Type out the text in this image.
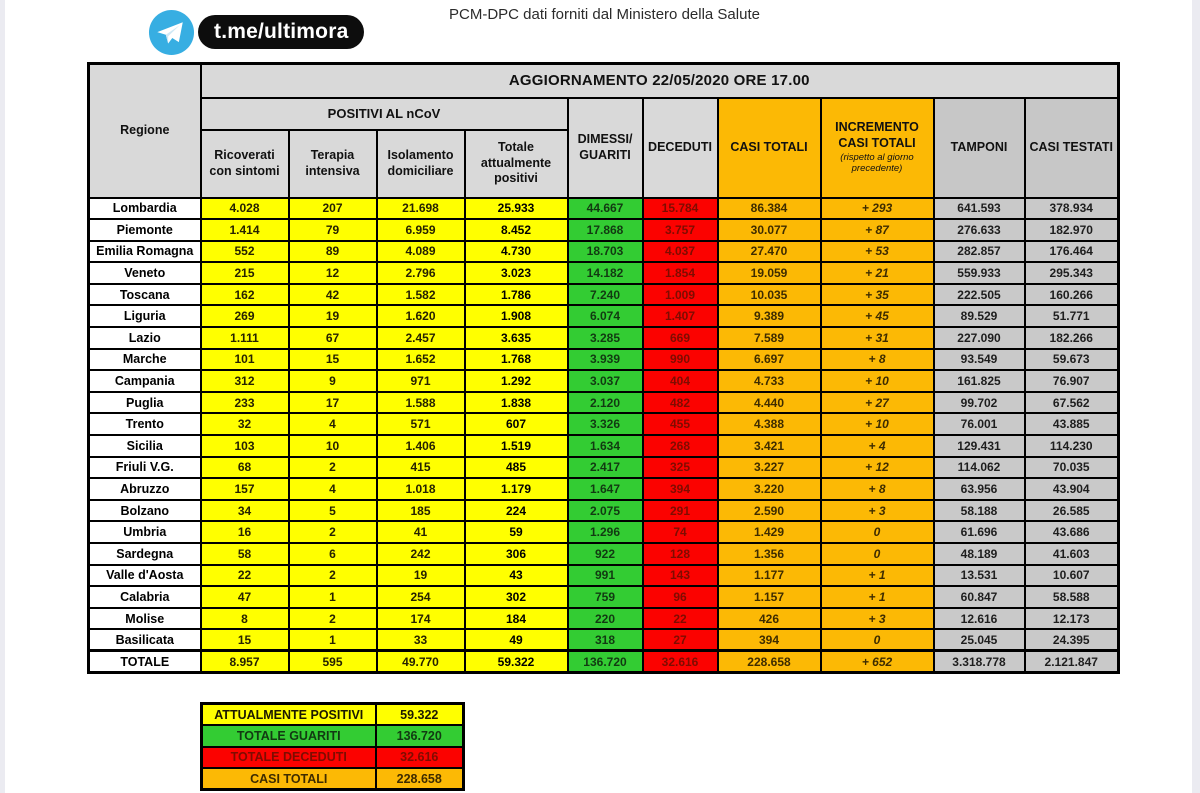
t.me/ultimora
PCM-DPC dati forniti dal Ministero della Salute
Regione	AGGIORNAMENTO 22/05/2020 ORE 17.00									
	POSITIVI AL nCoV				DIMESSI/ GUARITI	DECEDUTI	CASI TOTALI	INCREMENTO CASI TOTALI
(rispetto al giorno precedente)	TAMPONI	CASI TESTATI
	Ricoverati con sintomi	Terapia intensiva	Isolamento domiciliare	Totale attualmente positivi						
Lombardia	4.028	207	21.698	25.933	44.667	15.784	86.384	+ 293	641.593	378.934
Piemonte	1.414	79	6.959	8.452	17.868	3.757	30.077	+ 87	276.633	182.970
Emilia Romagna	552	89	4.089	4.730	18.703	4.037	27.470	+ 53	282.857	176.464
Veneto	215	12	2.796	3.023	14.182	1.854	19.059	+ 21	559.933	295.343
Toscana	162	42	1.582	1.786	7.240	1.009	10.035	+ 35	222.505	160.266
Liguria	269	19	1.620	1.908	6.074	1.407	9.389	+ 45	89.529	51.771
Lazio	1.111	67	2.457	3.635	3.285	669	7.589	+ 31	227.090	182.266
Marche	101	15	1.652	1.768	3.939	990	6.697	+ 8	93.549	59.673
Campania	312	9	971	1.292	3.037	404	4.733	+ 10	161.825	76.907
Puglia	233	17	1.588	1.838	2.120	482	4.440	+ 27	99.702	67.562
Trento	32	4	571	607	3.326	455	4.388	+ 10	76.001	43.885
Sicilia	103	10	1.406	1.519	1.634	268	3.421	+ 4	129.431	114.230
Friuli V.G.	68	2	415	485	2.417	325	3.227	+ 12	114.062	70.035
Abruzzo	157	4	1.018	1.179	1.647	394	3.220	+ 8	63.956	43.904
Bolzano	34	5	185	224	2.075	291	2.590	+ 3	58.188	26.585
Umbria	16	2	41	59	1.296	74	1.429	0	61.696	43.686
Sardegna	58	6	242	306	922	128	1.356	0	48.189	41.603
Valle d'Aosta	22	2	19	43	991	143	1.177	+ 1	13.531	10.607
Calabria	47	1	254	302	759	96	1.157	+ 1	60.847	58.588
Molise	8	2	174	184	220	22	426	+ 3	12.616	12.173
Basilicata	15	1	33	49	318	27	394	0	25.045	24.395
TOTALE	8.957	595	49.770	59.322	136.720	32.616	228.658	+ 652	3.318.778	2.121.847
ATTUALMENTE POSITIVI	59.322
TOTALE GUARITI	136.720
TOTALE DECEDUTI	32.616
CASI TOTALI	228.658
